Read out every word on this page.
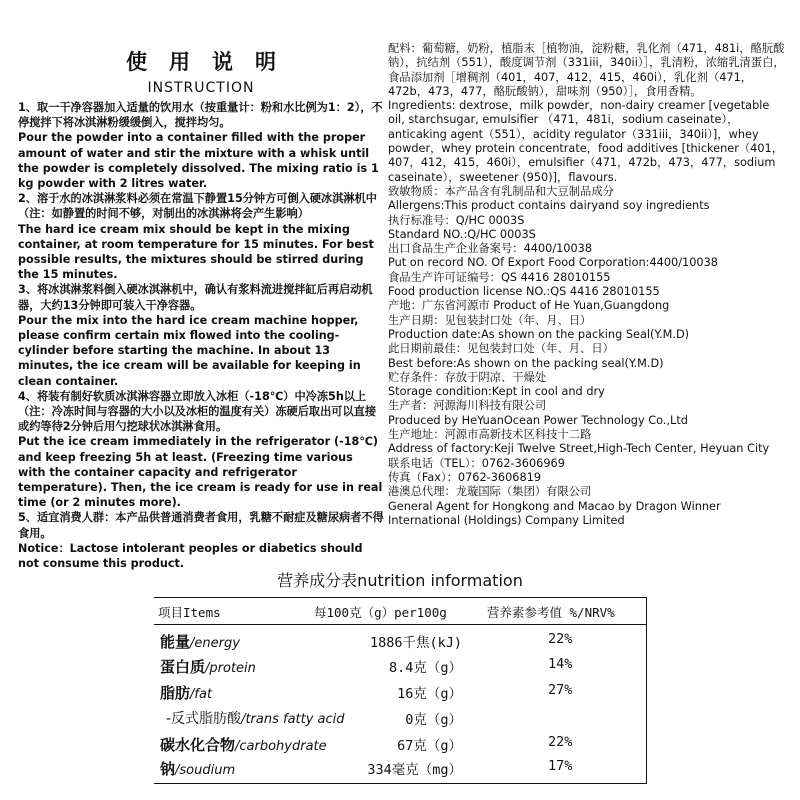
使用说明
INSTRUCTION

1、取一干净容器加入适量的饮用水（按重量计：粉和水比例为1：2），不停搅拌下将冰淇淋粉缓缓倒入，搅拌均匀。

Pour the powder into a container filled with the proper amount of water and stir the mixture with a whisk until the powder is completely dissolved. The mixing ratio is 1 kg powder with 2 litres water.

2、溶于水的冰淇淋浆料必须在常温下静置15分钟方可倒入硬冰淇淋机中（注：如静置的时间不够，对制出的冰淇淋将会产生影响）

The hard ice cream mix should be kept in the mixing container, at room temperature for 15 minutes. For best possible results, the mixtures should be stirred during the 15 minutes.

3、将冰淇淋浆料倒入硬冰淇淋机中，确认有浆料流进搅拌缸后再启动机器，大约13分钟即可装入干净容器。

Pour the mix into the hard ice cream machine hopper, please confirm certain mix flowed into the cooling-cylinder before starting the machine. In about 13 minutes, the ice cream will be available for keeping in clean container.

4、将装有制好软质冰淇淋容器立即放入冰柜（-18℃）中冷冻5h以上（注：冷冻时间与容器的大小以及冰柜的温度有关）冻硬后取出可以直接或约等待2分钟后用勺挖球状冰淇淋食用。

Put the ice cream immediately in the refrigerator (-18℃) and keep freezing 5h at least. (Freezing time various with the container capacity and refrigerator temperature). Then, the ice cream is ready for use in real time (or 2 minutes more).

5、适宜消费人群：本产品供普通消费者食用，乳糖不耐症及糖尿病者不得食用。

Notice：Lactose intolerant peoples or diabetics should not consume this product.

配料：葡萄糖，奶粉，植脂末［植物油，淀粉糖，乳化剂（471，481i，酪朊酸钠），抗结剂（551），酸度调节剂（331iii，340ii）］，乳清粉，浓缩乳清蛋白，食品添加剂［增稠剂（401，407，412，415，460i），乳化剂（471，472b，473，477，酪朊酸钠），甜味剂（950）］，食用香精。

Ingredients: dextrose，milk powder，non-dairy creamer [vegetable oil, starchsugar, emulsifier （471，481i，sodium caseinate），anticaking agent（551），acidity regulator（331iii，340ii）]，whey powder，whey protein concentrate，food additives [thickener（401，407，412，415，460i），emulsifier（471，472b，473，477，sodium caseinate），sweetener (950)]，flavours.

致敏物质：本产品含有乳制品和大豆制品成分

Allergens:This product contains dairyand soy ingredients

执行标准号：Q/HC 0003S

Standard NO.:Q/HC 0003S

出口食品生产企业备案号：4400/10038

Put on record NO. Of Export Food Corporation:4400/10038

食品生产许可证编号：QS 4416 28010155

Food production license NO.:QS 4416 28010155

产地：广东省河源市 Product of He Yuan,Guangdong

生产日期：见包装封口处（年、月、日）

Production date:As shown on the packing Seal(Y.M.D)

此日期前最佳：见包装封口处（年、月、日）

Best before:As shown on the packing seal(Y.M.D)

贮存条件：存放于阴凉、干燥处

Storage condition:Kept in cool and dry

生产者：河源海川科技有限公司

Produced by HeYuanOcean Power Technology Co.,Ltd

生产地址：河源市高新技术区科技十二路

Address of factory:Keji Twelve Street,High-Tech Center, Heyuan City

联系电话（TEL）：0762-3606969

传真（Fax）：0762-3606819

港澳总代理：龙璇国际（集团）有限公司

General Agent for Hongkong and Macao by Dragon Winner International (Holdings) Company Limited

营养成分表nutrition information
项目Items	每100克（g）per100g	营养素参考值 %/NRV%
能量/energy	1886千焦(kJ)	22%
蛋白质/protein	8.4克（g）	14%
脂肪/fat	16克（g）	27%
-反式脂肪酸/trans fatty acid	0克（g）
碳水化合物/carbohydrate	67克（g）	22%
钠/soudium	334毫克（mg）	17%
